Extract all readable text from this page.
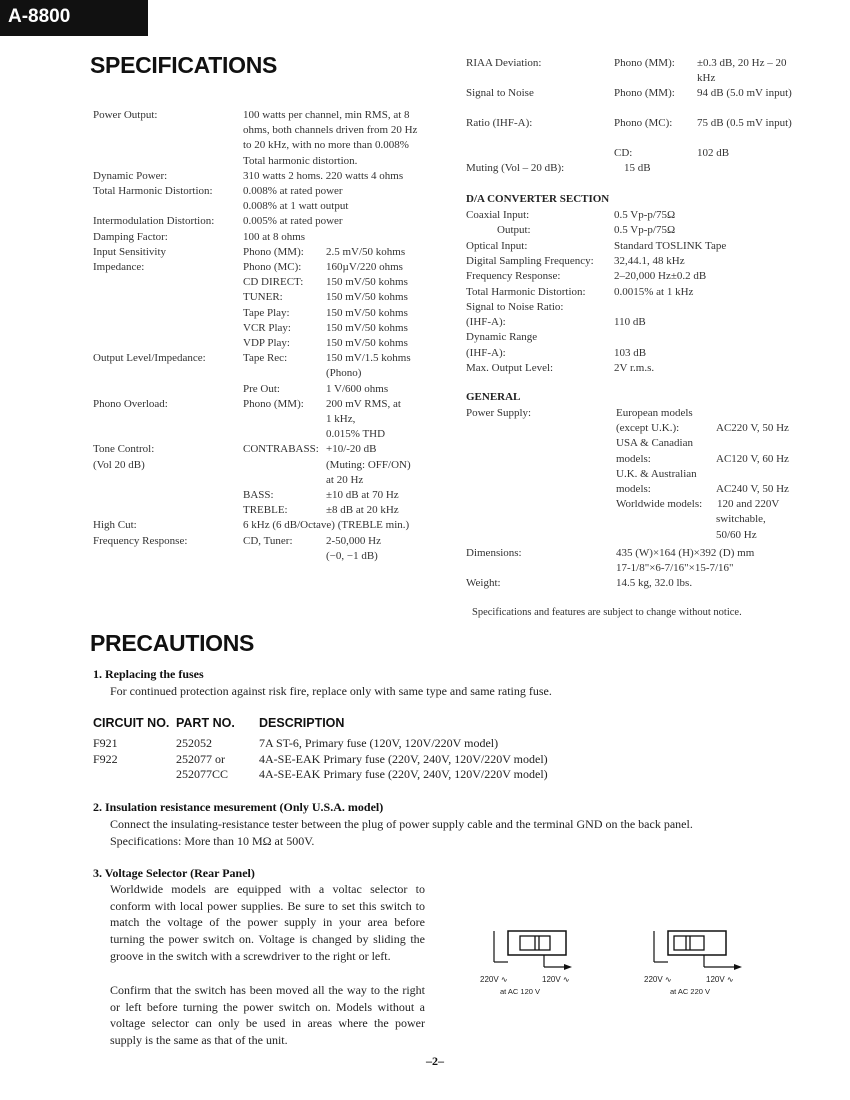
A-8800
SPECIFICATIONS
Power Output:	100 watts per channel, min RMS, at 8 ohms, both channels driven from 20 Hz to 20 kHz, with no more than 0.008% Total harmonic distortion.
Dynamic Power:	310 watts 2 homs. 220 watts 4 ohms
Total Harmonic Distortion:	0.008% at rated power
0.008% at 1 watt output
Intermodulation Distortion:	0.005% at rated power
Damping Factor:	100 at 8 ohms
Input Sensitivity	Phono (MM): 2.5 mV/50 kohms
Impedance:	Phono (MC): 160µV/220 ohms
CD DIRECT: 150 mV/50 kohms
TUNER:	150 mV/50 kohms
Tape Play:	150 mV/50 kohms
VCR Play:	150 mV/50 kohms
VDP Play:	150 mV/50 kohms
Output Level/Impedance:	Tape Rec:	150 mV/1.5 kohms
(Phono)
Pre Out:	1 V/600 ohms
Phono Overload:	Phono (MM): 200 mV RMS, at
1 kHz,
0.015% THD
Tone Control:	CONTRABASS: +10/-20 dB
(Vol 20 dB)	(Muting: OFF/ON)
at 20 Hz
BASS:	±10 dB at 70 Hz
TREBLE:	±8 dB at 20 kHz
High Cut:	6 kHz (6 dB/Octave) (TREBLE min.)
Frequency Response:	CD, Tuner:	2-50,000 Hz
(−0, −1 dB)
RIAA Deviation:	Phono (MM): ±0.3 dB, 20 Hz – 20 kHz
Signal to Noise	Phono (MM): 94 dB (5.0 mV input)
Ratio (IHF-A):	Phono (MC): 75 dB (0.5 mV input)
CD:	102 dB
Muting (Vol – 20 dB):	15 dB
D/A CONVERTER SECTION
Coaxial Input:	0.5 Vp-p/75Ω
Output:	0.5 Vp-p/75Ω
Optical Input:	Standard TOSLINK Tape
Digital Sampling Frequency: 32,44.1, 48 kHz
Frequency Response:	2–20,000 Hz±0.2 dB
Total Harmonic Distortion:	0.0015% at 1 kHz
Signal to Noise Ratio:
(IHF-A):	110 dB
Dynamic Range
(IHF-A):	103 dB
Max. Output Level:	2V r.m.s.
GENERAL
Power Supply:	European models
(except U.K.):	AC220 V, 50 Hz
USA & Canadian
models:	AC120 V, 60 Hz
U.K. & Australian
models:	AC240 V, 50 Hz
Worldwide models: 120 and 220V
switchable,
50/60 Hz
Dimensions:	435 (W)×164 (H)×392 (D) mm
17-1/8"×6-7/16"×15-7/16"
Weight:	14.5 kg, 32.0 lbs.
Specifications and features are subject to change without notice.
PRECAUTIONS
1. Replacing the fuses
For continued protection against risk fire, replace only with same type and same rating fuse.
CIRCUIT NO. PART NO. DESCRIPTION
F921	252052	7A ST-6, Primary fuse (120V, 120V/220V model)
F922	252077 or	4A-SE-EAK Primary fuse (220V, 240V, 120V/220V model)
252077CC	4A-SE-EAK Primary fuse (220V, 240V, 120V/220V model)
2. Insulation resistance mesurement (Only U.S.A. model)
Connect the insulating-resistance tester between the plug of power supply cable and the terminal GND on the back panel.
Specifications: More than 10 MΩ at 500V.
3. Voltage Selector (Rear Panel)
Worldwide models are equipped with a voltac selector to conform with local power supplies. Be sure to set this switch to match the voltage of the power supply in your area before turning the power switch on. Voltage is changed by sliding the groove in the switch with a screwdriver to the right or left.
Confirm that the switch has been moved all the way to the right or left before turning the power switch on. Models without a voltage selector can only be used in areas where the power supply is the same as that of the unit.
220V ∿	120V ∿
at AC 120 V
220V ∿	120V ∿
at AC 220 V
–2–
